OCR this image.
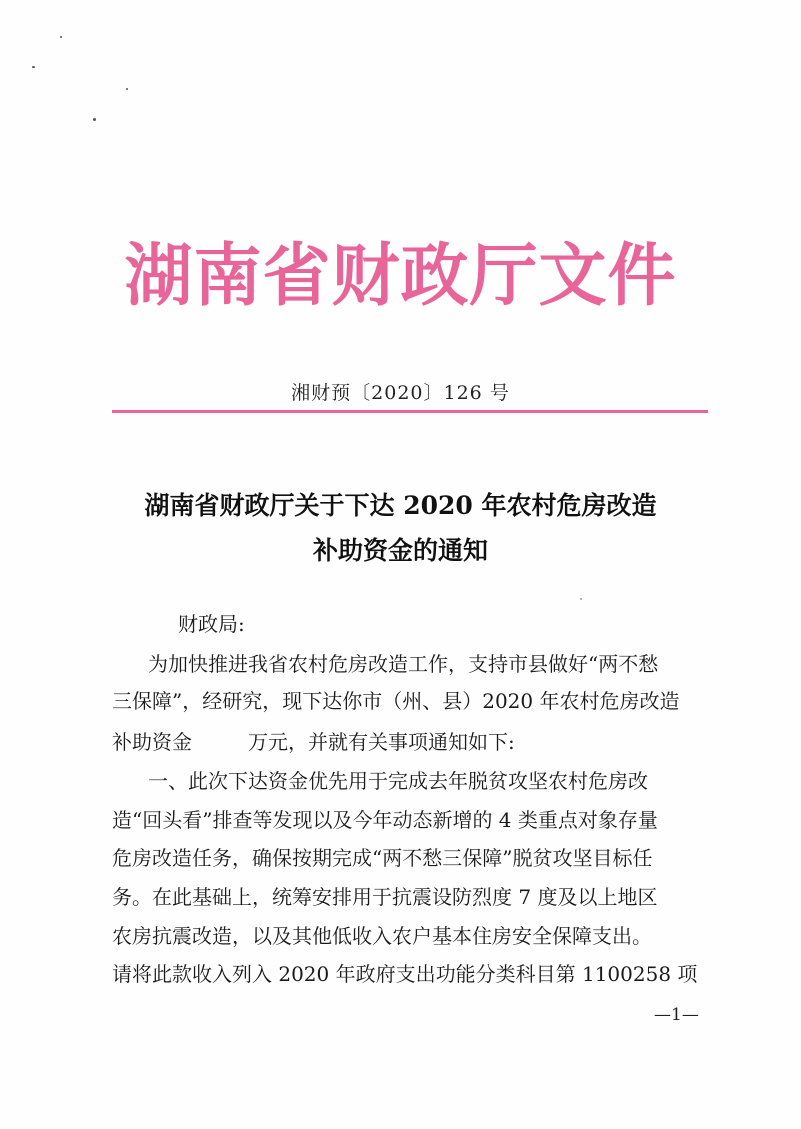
湖南省财政厅文件
湘财预〔2020〕126 号
湖南省财政厅关于下达 2020 年农村危房改造
补助资金的通知
财政局:
为加快推进我省农村危房改造工作，支持市县做好“两不愁
三保障”，经研究，现下达你市（州、县）2020 年农村危房改造
补助资金	万元，并就有关事项通知如下:
一、此次下达资金优先用于完成去年脱贫攻坚农村危房改
造“回头看”排查等发现以及今年动态新增的 4 类重点对象存量
危房改造任务，确保按期完成“两不愁三保障”脱贫攻坚目标任
务。在此基础上，统筹安排用于抗震设防烈度 7 度及以上地区
农房抗震改造，以及其他低收入农户基本住房安全保障支出。
请将此款收入列入 2020 年政府支出功能分类科目第 1100258 项
—1—
